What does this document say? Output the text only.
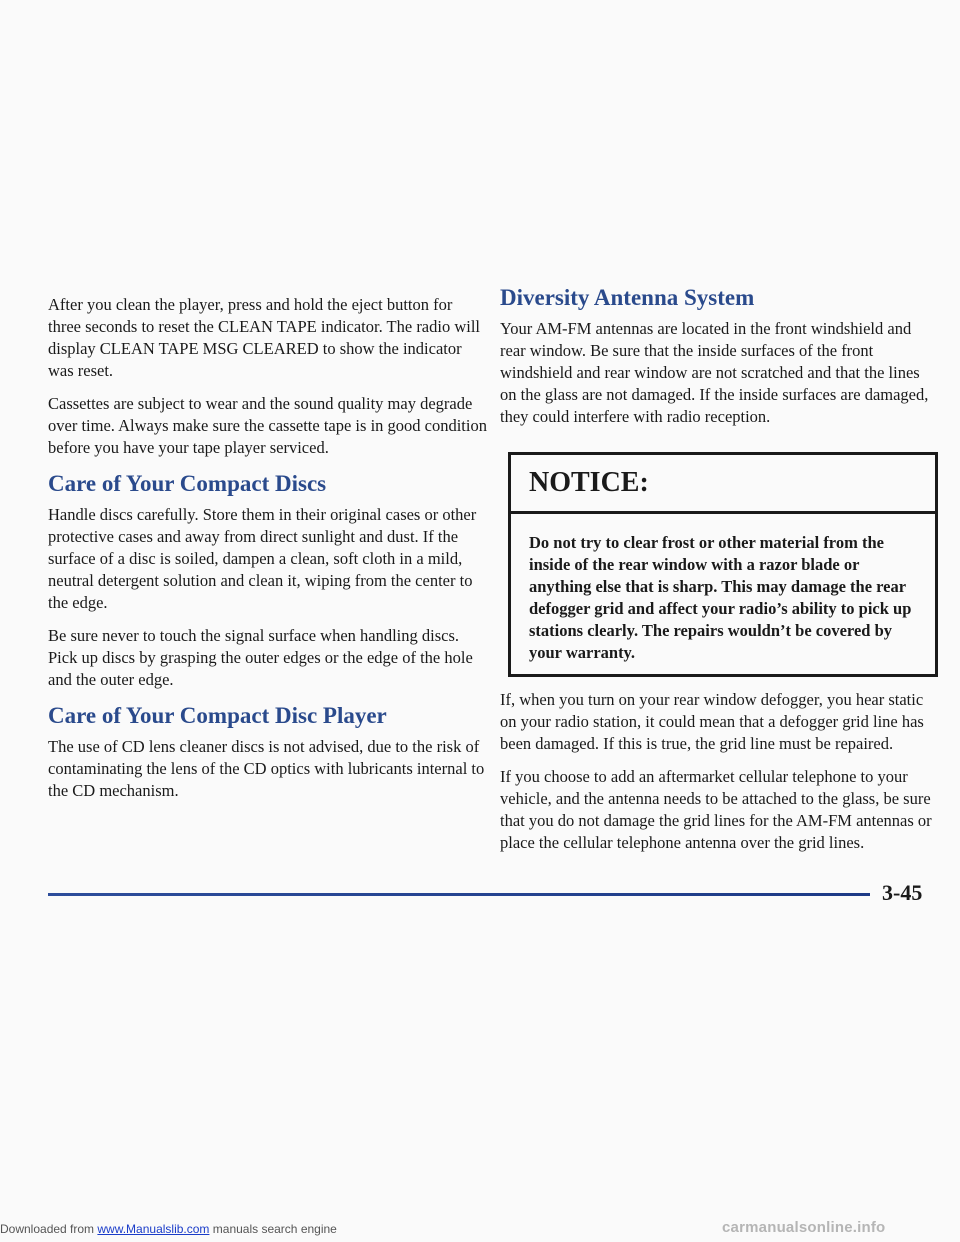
After you clean the player, press and hold the eject button for three seconds to reset the CLEAN TAPE indicator. The radio will display CLEAN TAPE MSG CLEARED to show the indicator was reset.

Cassettes are subject to wear and the sound quality may degrade over time. Always make sure the cassette tape is in good condition before you have your tape player serviced.

Care of Your Compact Discs

Handle discs carefully. Store them in their original cases or other protective cases and away from direct sunlight and dust. If the surface of a disc is soiled, dampen a clean, soft cloth in a mild, neutral detergent solution and clean it, wiping from the center to the edge.

Be sure never to touch the signal surface when handling discs. Pick up discs by grasping the outer edges or the edge of the hole and the outer edge.

Care of Your Compact Disc Player

The use of CD lens cleaner discs is not advised, due to the risk of contaminating the lens of the CD optics with lubricants internal to the CD mechanism.

Diversity Antenna System

Your AM-FM antennas are located in the front windshield and rear window. Be sure that the inside surfaces of the front windshield and rear window are not scratched and that the lines on the glass are not damaged. If the inside surfaces are damaged, they could interfere with radio reception.

NOTICE:
Do not try to clear frost or other material from the inside of the rear window with a razor blade or anything else that is sharp. This may damage the rear defogger grid and affect your radio’s ability to pick up stations clearly. The repairs wouldn’t be covered by your warranty.

If, when you turn on your rear window defogger, you hear static on your radio station, it could mean that a defogger grid line has been damaged. If this is true, the grid line must be repaired.

If you choose to add an aftermarket cellular telephone to your vehicle, and the antenna needs to be attached to the glass, be sure that you do not damage the grid lines for the AM-FM antennas or place the cellular telephone antenna over the grid lines.

3-45
Downloaded from www.Manualslib.com manuals search engine	carmanualsonline.info
